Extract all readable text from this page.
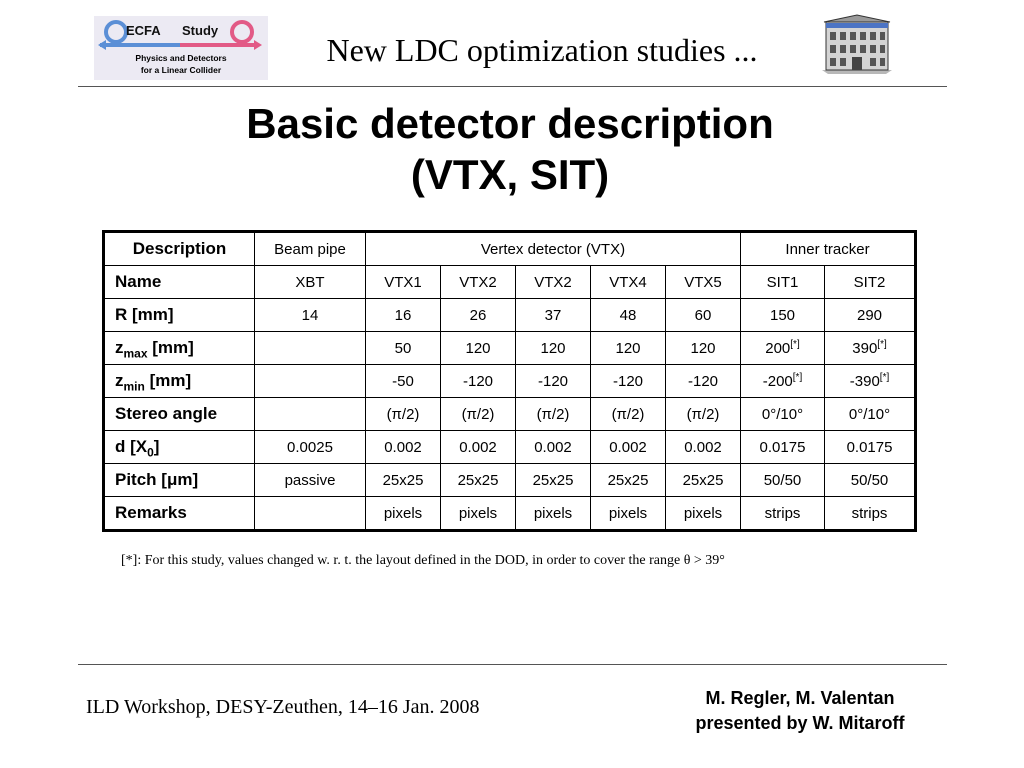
ECFA Study
Physics and Detectors
for a Linear Collider
New LDC optimization studies ...
Basic detector description
(VTX, SIT)
Description	Beam pipe	Vertex detector (VTX)					Inner tracker	
Name	XBT	VTX1	VTX2	VTX2	VTX4	VTX5	SIT1	SIT2
R [mm]	14	16	26	37	48	60	150	290
$z_{max}$ [mm]		50	120	120	120	120	200[*]	390[*]
$z_{min}$ [mm]		-50	-120	-120	-120	-120	-200[*]	-390[*]
Stereo angle		(π/2)	(π/2)	(π/2)	(π/2)	(π/2)	0°/10°	0°/10°
d $[X_0]$	0.0025	0.002	0.002	0.002	0.002	0.002	0.0175	0.0175
Pitch [μm]	passive	25x25	25x25	25x25	25x25	25x25	50/50	50/50
Remarks		pixels	pixels	pixels	pixels	pixels	strips	strips
[*]: For this study, values changed w. r. t. the layout defined in the DOD, in order to cover the range θ > 39°
ILD Workshop, DESY-Zeuthen, 14–16 Jan. 2008	M. Regler, M. Valentan
presented by W. Mitaroff
